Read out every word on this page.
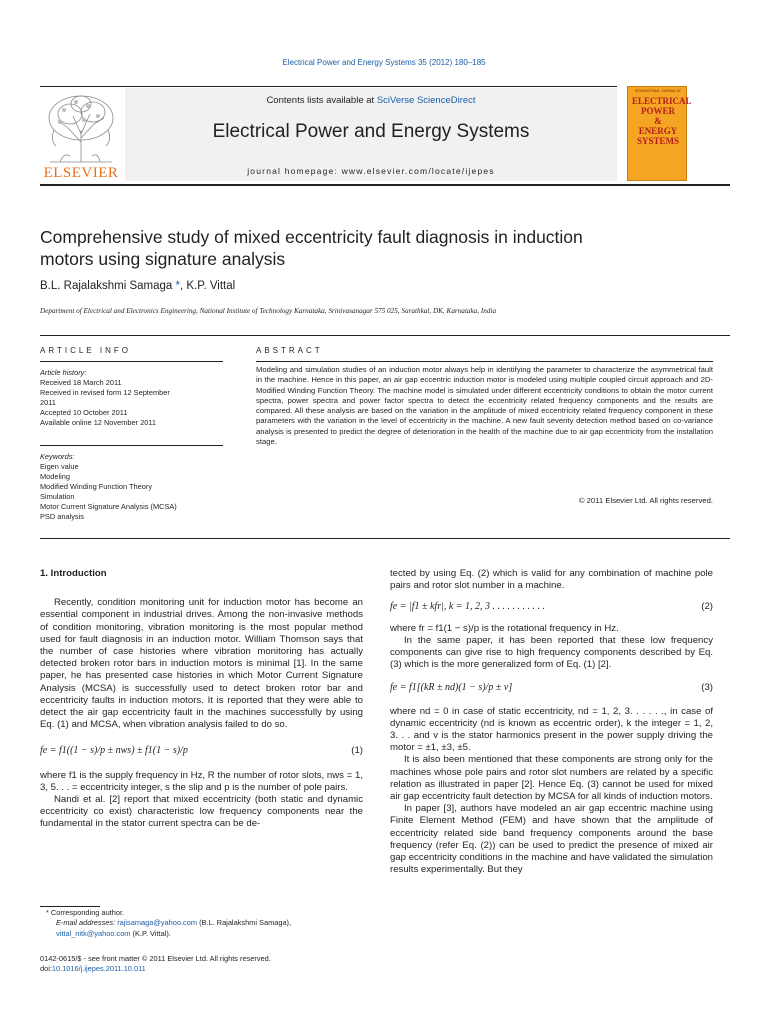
Electrical Power and Energy Systems 35 (2012) 180–185
ELSEVIER
Contents lists available at SciVerse ScienceDirect
Electrical Power and Energy Systems
journal homepage: www.elsevier.com/locate/ijepes
INTERNATIONAL JOURNAL OF
ELECTRICAL
POWER
&
ENERGY
SYSTEMS
Comprehensive study of mixed eccentricity fault diagnosis in induction
motors using signature analysis
B.L. Rajalakshmi Samaga *, K.P. Vittal
Department of Electrical and Electronics Engineering, National Institute of Technology Karnataka, Srinivasanagar 575 025, Surathkal, DK, Karnataka, India
ARTICLE INFO	ABSTRACT
Article history:
Received 18 March 2011
Received in revised form 12 September
2011
Accepted 10 October 2011
Available online 12 November 2011
Keywords:
Eigen value
Modeling
Modified Winding Function Theory
Simulation
Motor Current Signature Analysis (MCSA)
PSD analysis
Modeling and simulation studies of an induction motor always help in identifying the parameter to characterize the asymmetrical fault in the machine. Hence in this paper, an air gap eccentric induction motor is modeled using multiple coupled circuit approach and 2D-Modified Winding Function Theory. The machine model is simulated under different eccentricity conditions to obtain the motor current spectra, power spectra and power factor spectra to detect the eccentricity related frequency components and the results are compared. All these analysis are based on the variation in the amplitude of mixed eccentricity related frequency component in these parameters with the variation in the level of eccentricity in the machine. A new fault severity detection method based on co-variance analysis is presented to predict the degree of deterioration in the health of the machine due to air gap eccentricity from the installation stage.
© 2011 Elsevier Ltd. All rights reserved.
1. Introduction

Recently, condition monitoring unit for induction motor has become an essential component in industrial drives. Among the non-invasive methods of condition monitoring, vibration monitoring is the most popular method used for fault diagnosis in an induction motor. William Thomson says that the number of case histories where vibration monitoring has actually detected broken rotor bars in induction motors is minimal [1]. In the same paper, he has presented case histories in which Motor Current Signature Analysis (MCSA) is successfully used to detect broken rotor bar and eccentricity faults in induction motors. It is reported that they were able to detect the air gap eccentricity fault in the machines successfully by using Eq. (1) and MCSA, when vibration analysis failed to do so.

fe = f1((1 − s)/p ± nws) ± f1(1 − s)/p	(1)

where f1 is the supply frequency in Hz, R the number of rotor slots, nws = 1, 3, 5. . . = eccentricity integer, s the slip and p is the number of pole pairs.

Nandi et al. [2] report that mixed eccentricity (both static and dynamic eccentricity co exist) characteristic low frequency components near the fundamental in the stator current spectra can be de-

* Corresponding author.
E-mail addresses: rajisamaga@yahoo.com (B.L. Rajalakshmi Samaga), vittal_nitk@yahoo.com (K.P. Vittal).
0142-0615/$ - see front matter © 2011 Elsevier Ltd. All rights reserved.
doi:10.1016/j.ijepes.2011.10.011

tected by using Eq. (2) which is valid for any combination of machine pole pairs and rotor slot number in a machine.

fe = |f1 ± kfr|, k = 1, 2, 3 . . . . . . . . . . .	(2)

where fr = f1(1 − s)/p is the rotational frequency in Hz.

In the same paper, it has been reported that these low frequency components can give rise to high frequency components described by Eq. (3) which is the more generalized form of Eq. (1) [2].

fe = f1[(kR ± nd)(1 − s)/p ± v]	(3)

where nd = 0 in case of static eccentricity, nd = 1, 2, 3. . . . . ., in case of dynamic eccentricity (nd is known as eccentric order), k the integer = 1, 2, 3. . . and v is the stator harmonics present in the power supply driving the motor = ±1, ±3, ±5.

It is also been mentioned that these components are strong only for the machines whose pole pairs and rotor slot numbers are related by a specific relation as illustrated in paper [2]. Hence Eq. (3) cannot be used for mixed air gap eccentricity fault detection by MCSA for all kinds of induction motors.

In paper [3], authors have modeled an air gap eccentric machine using Finite Element Method (FEM) and have shown that the amplitude of eccentricity related side band frequency components around the base frequency (refer Eq. (2)) can be used to predict the presence of mixed air gap eccentricity conditions in the machine and have validated the simulation results experimentally. But they
